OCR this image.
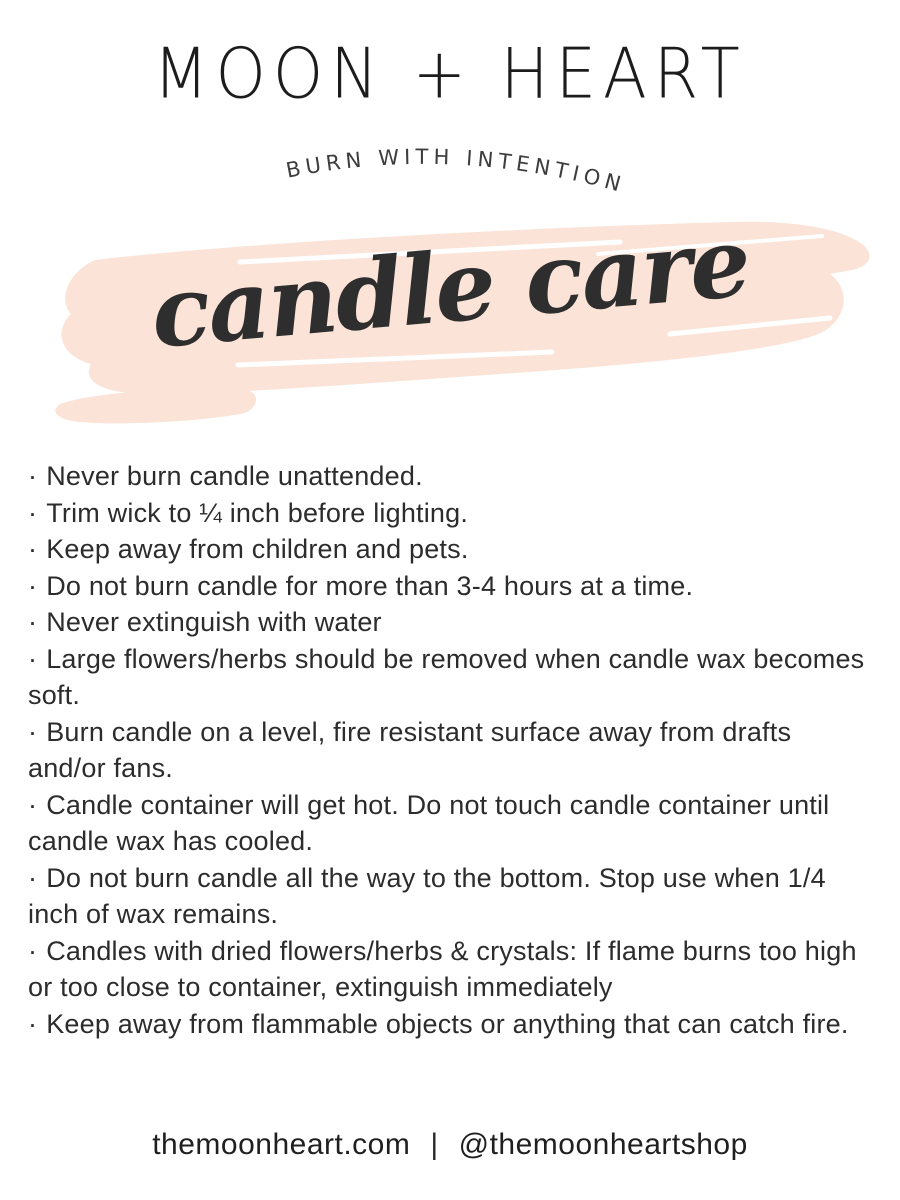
MOON + HEART
BURN WITH INTENTION
candle care
· Never burn candle unattended.
· Trim wick to ¼ inch before lighting.
· Keep away from children and pets.
· Do not burn candle for more than 3-4 hours at a time.
· Never extinguish with water
· Large flowers/herbs should be removed when candle wax becomes soft.
· Burn candle on a level, fire resistant surface away from drafts and/or fans.
· Candle container will get hot. Do not touch candle container until candle wax has cooled.
· Do not burn candle all the way to the bottom. Stop use when 1/4 inch of wax remains.
· Candles with dried flowers/herbs & crystals: If flame burns too high or too close to container, extinguish immediately
· Keep away from flammable objects or anything that can catch fire.
themoonheart.com | @themoonheartshop
